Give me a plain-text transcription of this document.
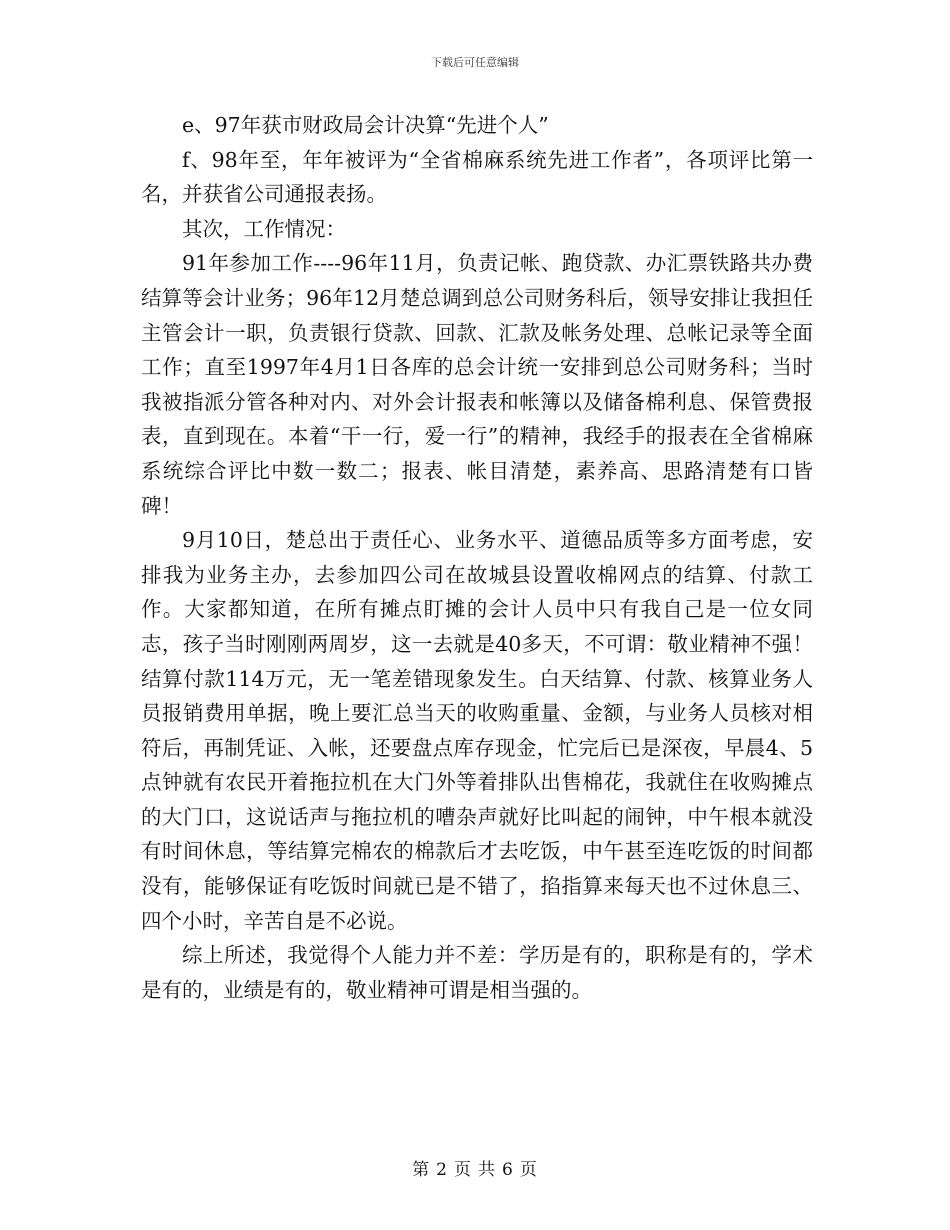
下载后可任意编辑

e、97年获市财政局会计决算“先进个人”

f、98年至，年年被评为“全省棉麻系统先进工作者”，各项评比第一名，并获省公司通报表扬。

其次，工作情况：

91年参加工作----96年11月，负责记帐、跑贷款、办汇票铁路共办费结算等会计业务；96年12月楚总调到总公司财务科后，领导安排让我担任主管会计一职，负责银行贷款、回款、汇款及帐务处理、总帐记录等全面工作；直至1997年4月1日各库的总会计统一安排到总公司财务科；当时我被指派分管各种对内、对外会计报表和帐簿以及储备棉利息、保管费报表，直到现在。本着“干一行，爱一行”的精神，我经手的报表在全省棉麻系统综合评比中数一数二；报表、帐目清楚，素养高、思路清楚有口皆碑！

9月10日，楚总出于责任心、业务水平、道德品质等多方面考虑，安排我为业务主办，去参加四公司在故城县设置收棉网点的结算、付款工作。大家都知道，在所有摊点盯摊的会计人员中只有我自己是一位女同志，孩子当时刚刚两周岁，这一去就是40多天，不可谓：敬业精神不强！结算付款114万元，无一笔差错现象发生。白天结算、付款、核算业务人员报销费用单据，晚上要汇总当天的收购重量、金额，与业务人员核对相符后，再制凭证、入帐，还要盘点库存现金，忙完后已是深夜，早晨4、5点钟就有农民开着拖拉机在大门外等着排队出售棉花，我就住在收购摊点的大门口，这说话声与拖拉机的嘈杂声就好比叫起的闹钟，中午根本就没有时间休息，等结算完棉农的棉款后才去吃饭，中午甚至连吃饭的时间都没有，能够保证有吃饭时间就已是不错了，掐指算来每天也不过休息三、四个小时，辛苦自是不必说。

综上所述，我觉得个人能力并不差：学历是有的，职称是有的，学术是有的，业绩是有的，敬业精神可谓是相当强的。

第 2 页 共 6 页
